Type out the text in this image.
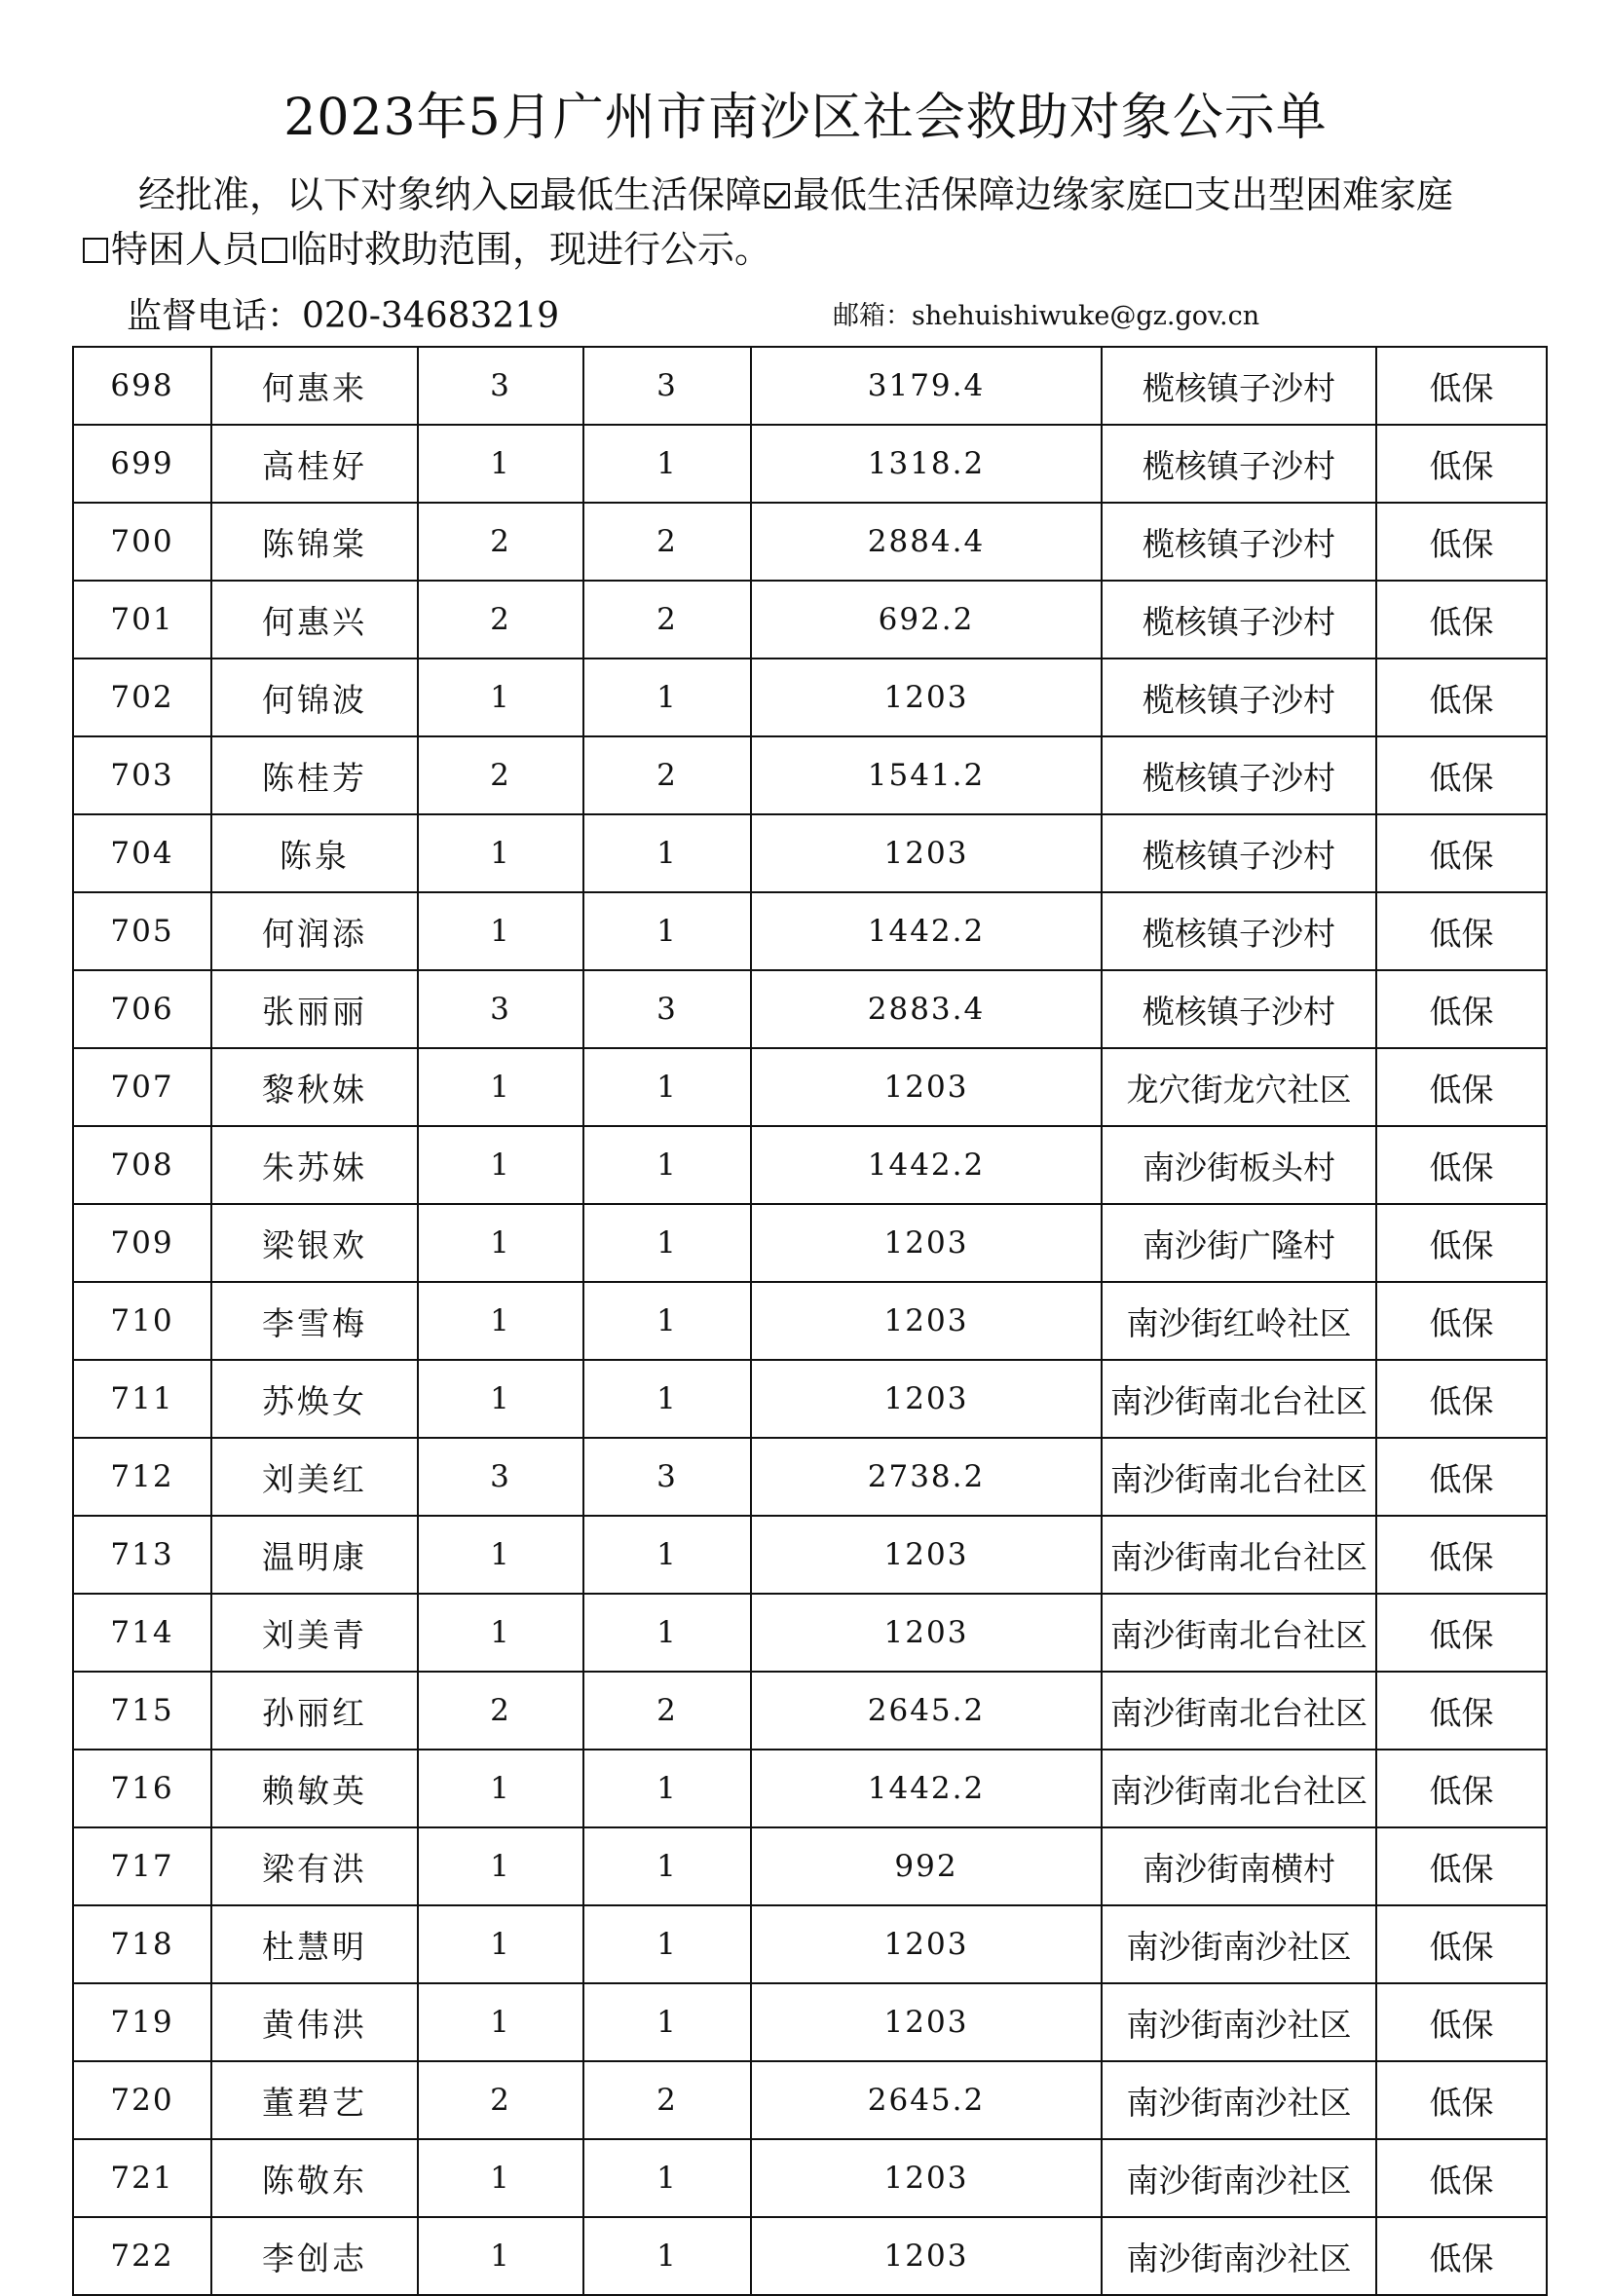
2023年5月广州市南沙区社会救助对象公示单
经批准，以下对象纳入 最低生活保障 最低生活保障边缘家庭 支出型困难家庭
特困人员 临时救助范围，现进行公示。
监督电话：020-34683219	邮箱：shehuishiwuke@gz.gov.cn
698	何惠来	3	3	3179.4	榄核镇子沙村	低保
699	高桂好	1	1	1318.2	榄核镇子沙村	低保
700	陈锦棠	2	2	2884.4	榄核镇子沙村	低保
701	何惠兴	2	2	692.2	榄核镇子沙村	低保
702	何锦波	1	1	1203	榄核镇子沙村	低保
703	陈桂芳	2	2	1541.2	榄核镇子沙村	低保
704	陈泉	1	1	1203	榄核镇子沙村	低保
705	何润添	1	1	1442.2	榄核镇子沙村	低保
706	张丽丽	3	3	2883.4	榄核镇子沙村	低保
707	黎秋妹	1	1	1203	龙穴街龙穴社区	低保
708	朱苏妹	1	1	1442.2	南沙街板头村	低保
709	梁银欢	1	1	1203	南沙街广隆村	低保
710	李雪梅	1	1	1203	南沙街红岭社区	低保
711	苏焕女	1	1	1203	南沙街南北台社区	低保
712	刘美红	3	3	2738.2	南沙街南北台社区	低保
713	温明康	1	1	1203	南沙街南北台社区	低保
714	刘美青	1	1	1203	南沙街南北台社区	低保
715	孙丽红	2	2	2645.2	南沙街南北台社区	低保
716	赖敏英	1	1	1442.2	南沙街南北台社区	低保
717	梁有洪	1	1	992	南沙街南横村	低保
718	杜慧明	1	1	1203	南沙街南沙社区	低保
719	黄伟洪	1	1	1203	南沙街南沙社区	低保
720	董碧艺	2	2	2645.2	南沙街南沙社区	低保
721	陈敬东	1	1	1203	南沙街南沙社区	低保
722	李创志	1	1	1203	南沙街南沙社区	低保
